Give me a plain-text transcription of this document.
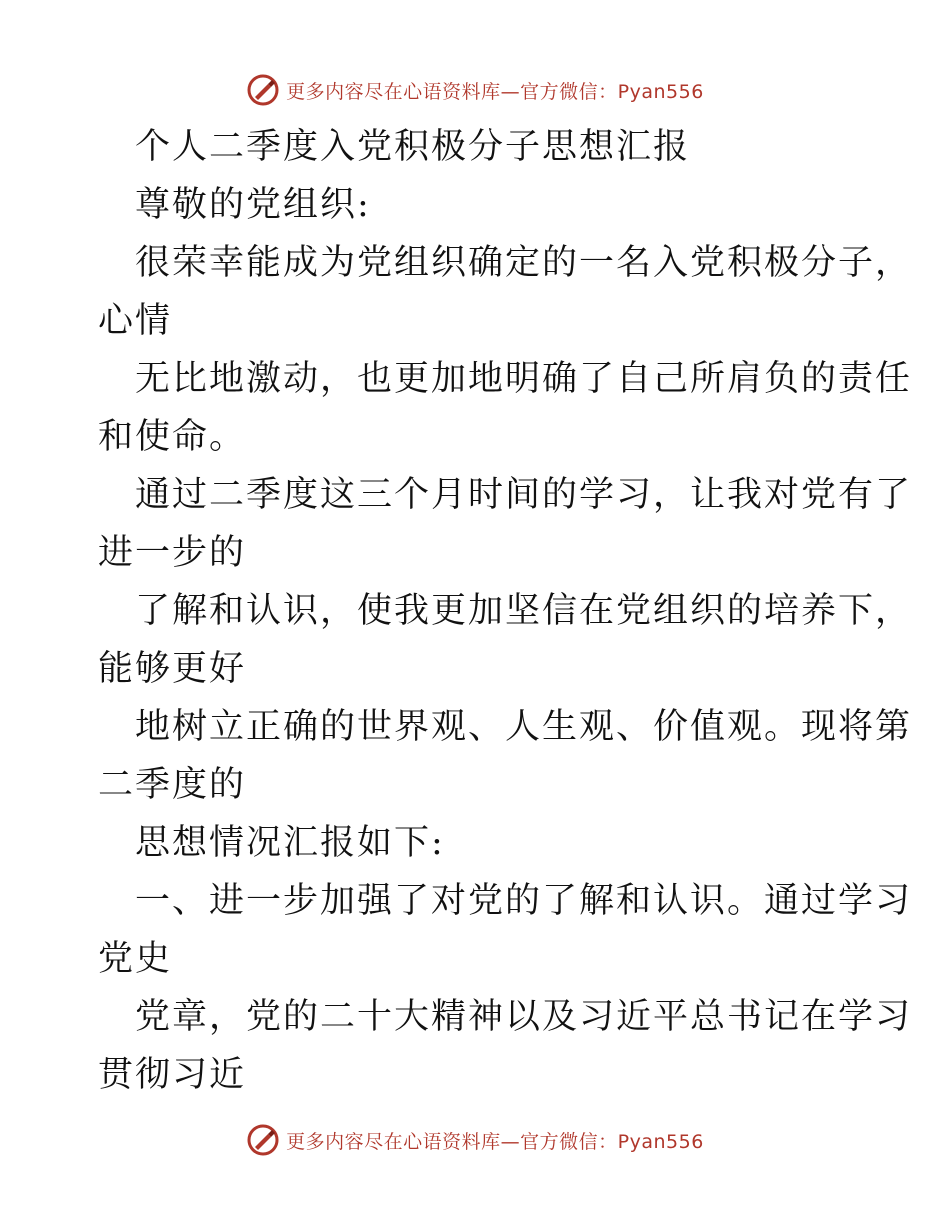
更多内容尽在心语资料库—官方微信：Pyan556
个人二季度入党积极分子思想汇报
尊敬的党组织:
很荣幸能成为党组织确定的一名入党积极分子，
心情
无比地激动，也更加地明确了自己所肩负的责任
和使命。
通过二季度这三个月时间的学习，让我对党有了
进一步的
了解和认识，使我更加坚信在党组织的培养下，
能够更好
地树立正确的世界观、人生观、价值观。现将第
二季度的
思想情况汇报如下:
一、进一步加强了对党的了解和认识。通过学习
党史
党章，党的二十大精神以及习近平总书记在学习
贯彻习近
更多内容尽在心语资料库—官方微信：Pyan556
